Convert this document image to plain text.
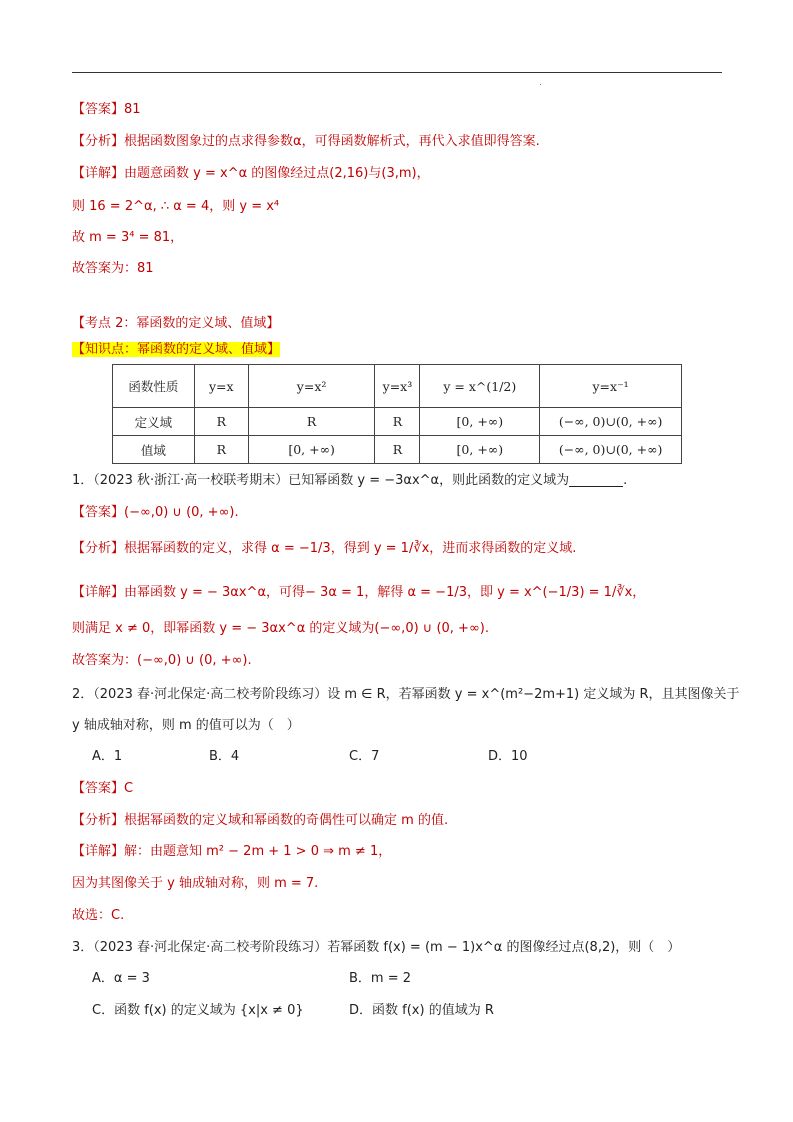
【答案】81
【分析】根据函数图象过的点求得参数α，可得函数解析式，再代入求值即得答案.
【详解】由题意函数 y = x^α 的图像经过点(2,16)与(3,m)，
则 16 = 2^α, ∴ α = 4，则 y = x⁴
故 m = 3⁴ = 81，
故答案为：81
【考点 2：幂函数的定义域、值域】
【知识点：幂函数的定义域、值域】
函数性质	y=x	y=x²	y=x³	y = x^(1/2)	y=x⁻¹
定义域	R	R	R	[0, +∞)	(−∞, 0)∪(0, +∞)
值域	R	[0, +∞)	R	[0, +∞)	(−∞, 0)∪(0, +∞)
1．（2023 秋·浙江·高一校联考期末）已知幂函数 y = −3αx^α，则此函数的定义域为	.
【答案】(−∞,0) ∪ (0, +∞).
【分析】根据幂函数的定义，求得 α = −1/3，得到 y = 1/∛x，进而求得函数的定义域.
【详解】由幂函数 y = − 3αx^α，可得− 3α = 1，解得 α = −1/3，即 y = x^(−1/3) = 1/∛x，
则满足 x ≠ 0，即幂函数 y = − 3αx^α 的定义域为(−∞,0) ∪ (0, +∞).
故答案为：(−∞,0) ∪ (0, +∞).
2．（2023 春·河北保定·高二校考阶段练习）设 m ∈ R，若幂函数 y = x^(m²−2m+1) 定义域为 R，且其图像关于
y 轴成轴对称，则 m 的值可以为（　）
A．1	B．4	C．7	D．10
【答案】C
【分析】根据幂函数的定义域和幂函数的奇偶性可以确定 m 的值.
【详解】解：由题意知 m² − 2m + 1 > 0 ⇒ m ≠ 1，
因为其图像关于 y 轴成轴对称，则 m = 7.
故选：C.
3．（2023 春·河北保定·高二校考阶段练习）若幂函数 f(x) = (m − 1)x^α 的图像经过点(8,2)，则（　）
A．α = 3	B．m = 2
C．函数 f(x) 的定义域为 {x|x ≠ 0}	D．函数 f(x) 的值域为 R
